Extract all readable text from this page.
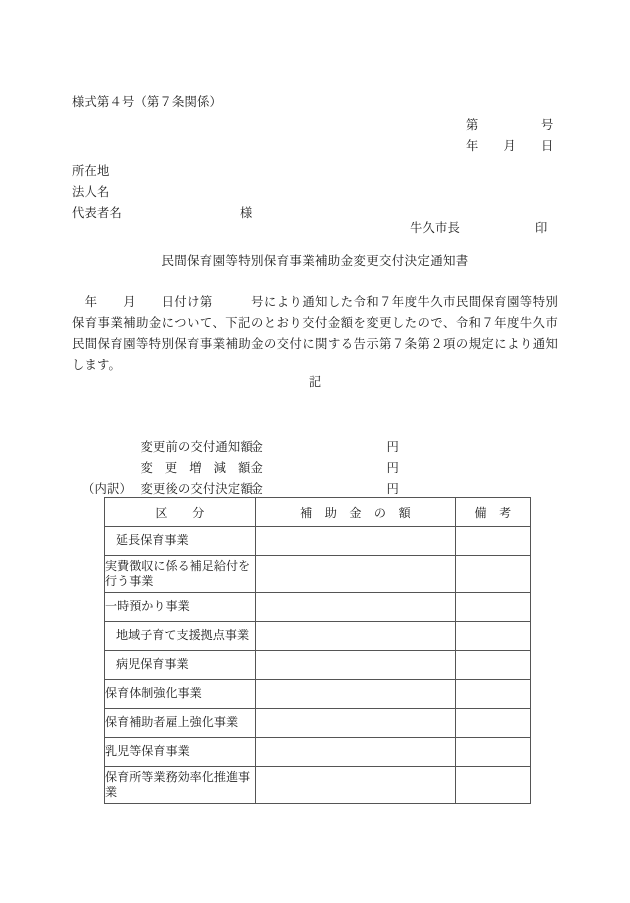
様式第４号（第７条関係）
第　　　　　号
年　　月　　日
所在地
法人名
代表者名	様
牛久市長	印
民間保育園等特別保育事業補助金変更交付決定通知書
　年　　月　　日付け第　　　号により通知した令和７年度牛久市民間保育園等特別保育事業補助金について、下記のとおり交付金額を変更したので、令和７年度牛久市民間保育園等特別保育事業補助金の交付に関する告示第７条第２項の規定により通知します。
記

変更前の交付通知額金	円

変更増減額金	円

変更後の交付決定額金	円

（内訳）
区　　分	補　助　金　の　額	備　考
延長保育事業		
実費徴収に係る補足給付を行う事業		
一時預かり事業		
地域子育て支援拠点事業		
病児保育事業		
保育体制強化事業		
保育補助者雇上強化事業		
乳児等保育事業		
保育所等業務効率化推進事業		
